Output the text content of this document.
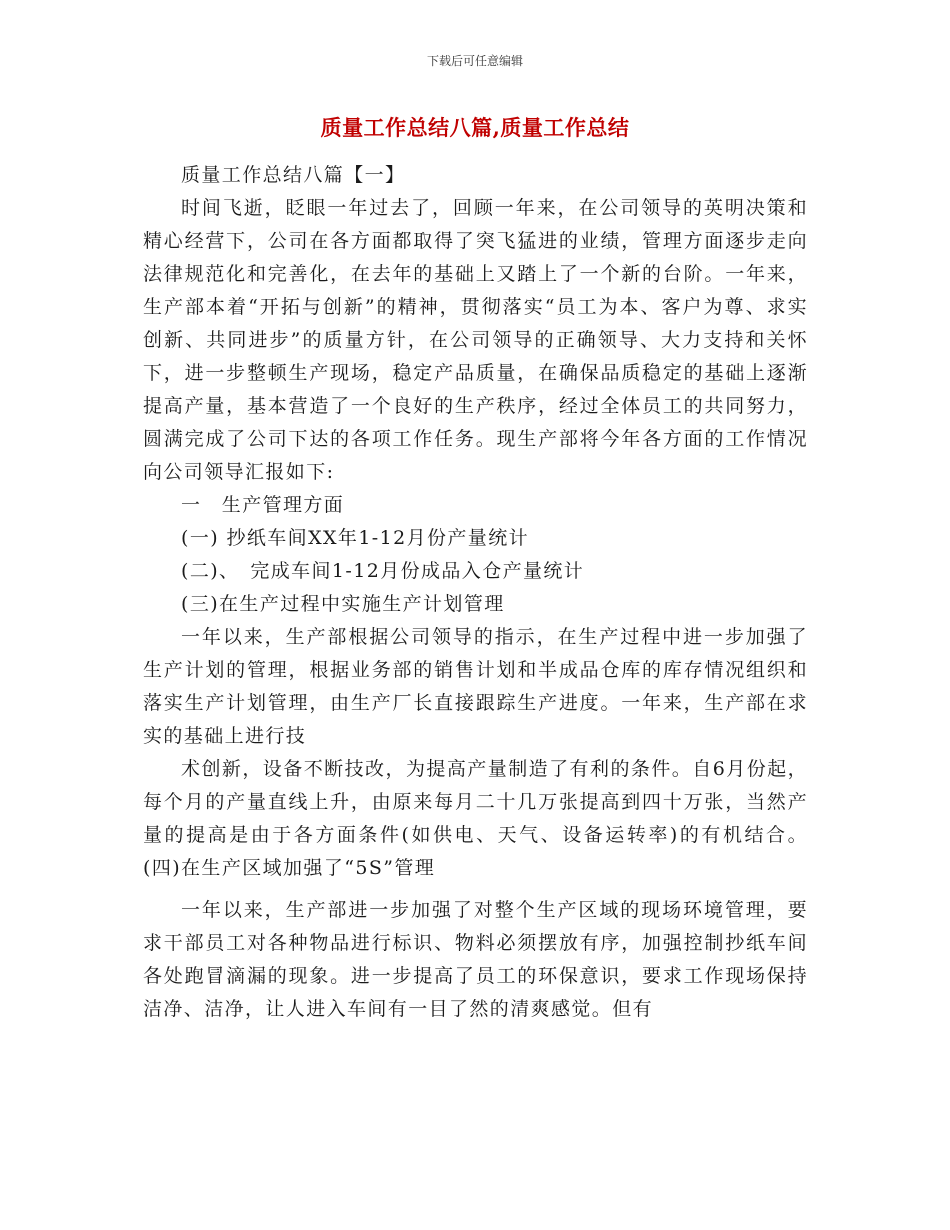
下载后可任意编辑
质量工作总结八篇,质量工作总结

质量工作总结八篇【一】

时间飞逝，眨眼一年过去了，回顾一年来，在公司领导的英明决策和精心经营下，公司在各方面都取得了突飞猛进的业绩，管理方面逐步走向法律规范化和完善化，在去年的基础上又踏上了一个新的台阶。一年来，生产部本着“开拓与创新”的精神，贯彻落实“员工为本、客户为尊、求实创新、共同进步”的质量方针，在公司领导的正确领导、大力支持和关怀下，进一步整顿生产现场，稳定产品质量，在确保品质稳定的基础上逐渐提高产量，基本营造了一个良好的生产秩序，经过全体员工的共同努力，圆满完成了公司下达的各项工作任务。现生产部将今年各方面的工作情况向公司领导汇报如下:

一　生产管理方面

(一) 抄纸车间XX年1-12月份产量统计

(二)、　完成车间1-12月份成品入仓产量统计

(三)在生产过程中实施生产计划管理

一年以来，生产部根据公司领导的指示，在生产过程中进一步加强了生产计划的管理，根据业务部的销售计划和半成品仓库的库存情况组织和落实生产计划管理，由生产厂长直接跟踪生产进度。一年来，生产部在求实的基础上进行技

术创新，设备不断技改，为提高产量制造了有利的条件。自6月份起，每个月的产量直线上升，由原来每月二十几万张提高到四十万张，当然产量的提高是由于各方面条件(如供电、天气、设备运转率)的有机结合。 (四)在生产区域加强了“5S”管理

一年以来，生产部进一步加强了对整个生产区域的现场环境管理，要求干部员工对各种物品进行标识、物料必须摆放有序，加强控制抄纸车间各处跑冒滴漏的现象。进一步提高了员工的环保意识，要求工作现场保持洁净、洁净，让人进入车间有一目了然的清爽感觉。但有
